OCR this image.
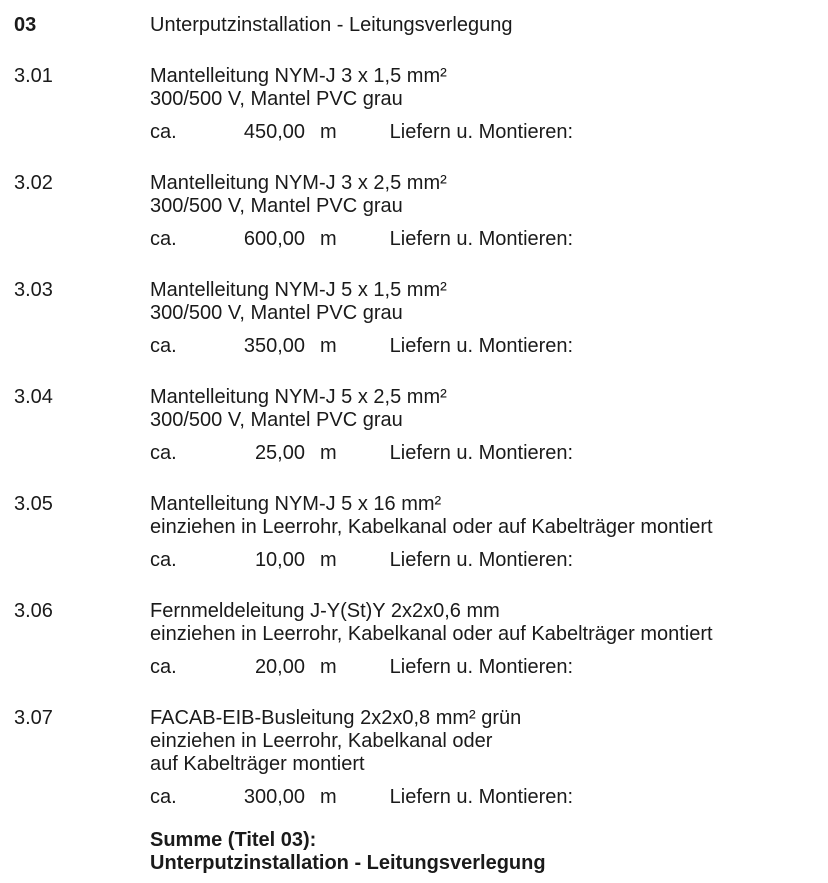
03	Unterputzinstallation - Leitungsverlegung
3.01	Mantelleitung NYM-J 3 x 1,5 mm²
300/500 V, Mantel PVC grau
ca.	450,00 m	Liefern u. Montieren:
3.02	Mantelleitung NYM-J 3 x 2,5 mm²
300/500 V, Mantel PVC grau
ca.	600,00 m	Liefern u. Montieren:
3.03	Mantelleitung NYM-J 5 x 1,5 mm²
300/500 V, Mantel PVC grau
ca.	350,00 m	Liefern u. Montieren:
3.04	Mantelleitung NYM-J 5 x 2,5 mm²
300/500 V, Mantel PVC grau
ca.	25,00 m	Liefern u. Montieren:
3.05	Mantelleitung NYM-J 5 x 16 mm²
einziehen in Leerrohr, Kabelkanal oder auf Kabelträger montiert
ca.	10,00 m	Liefern u. Montieren:
3.06	Fernmeldeleitung J-Y(St)Y 2x2x0,6 mm
einziehen in Leerrohr, Kabelkanal oder auf Kabelträger montiert
ca.	20,00 m	Liefern u. Montieren:
3.07	FACAB-EIB-Busleitung 2x2x0,8 mm² grün
einziehen in Leerrohr, Kabelkanal oder
auf Kabelträger montiert
ca.	300,00 m	Liefern u. Montieren:
Summe (Titel 03):
Unterputzinstallation - Leitungsverlegung
